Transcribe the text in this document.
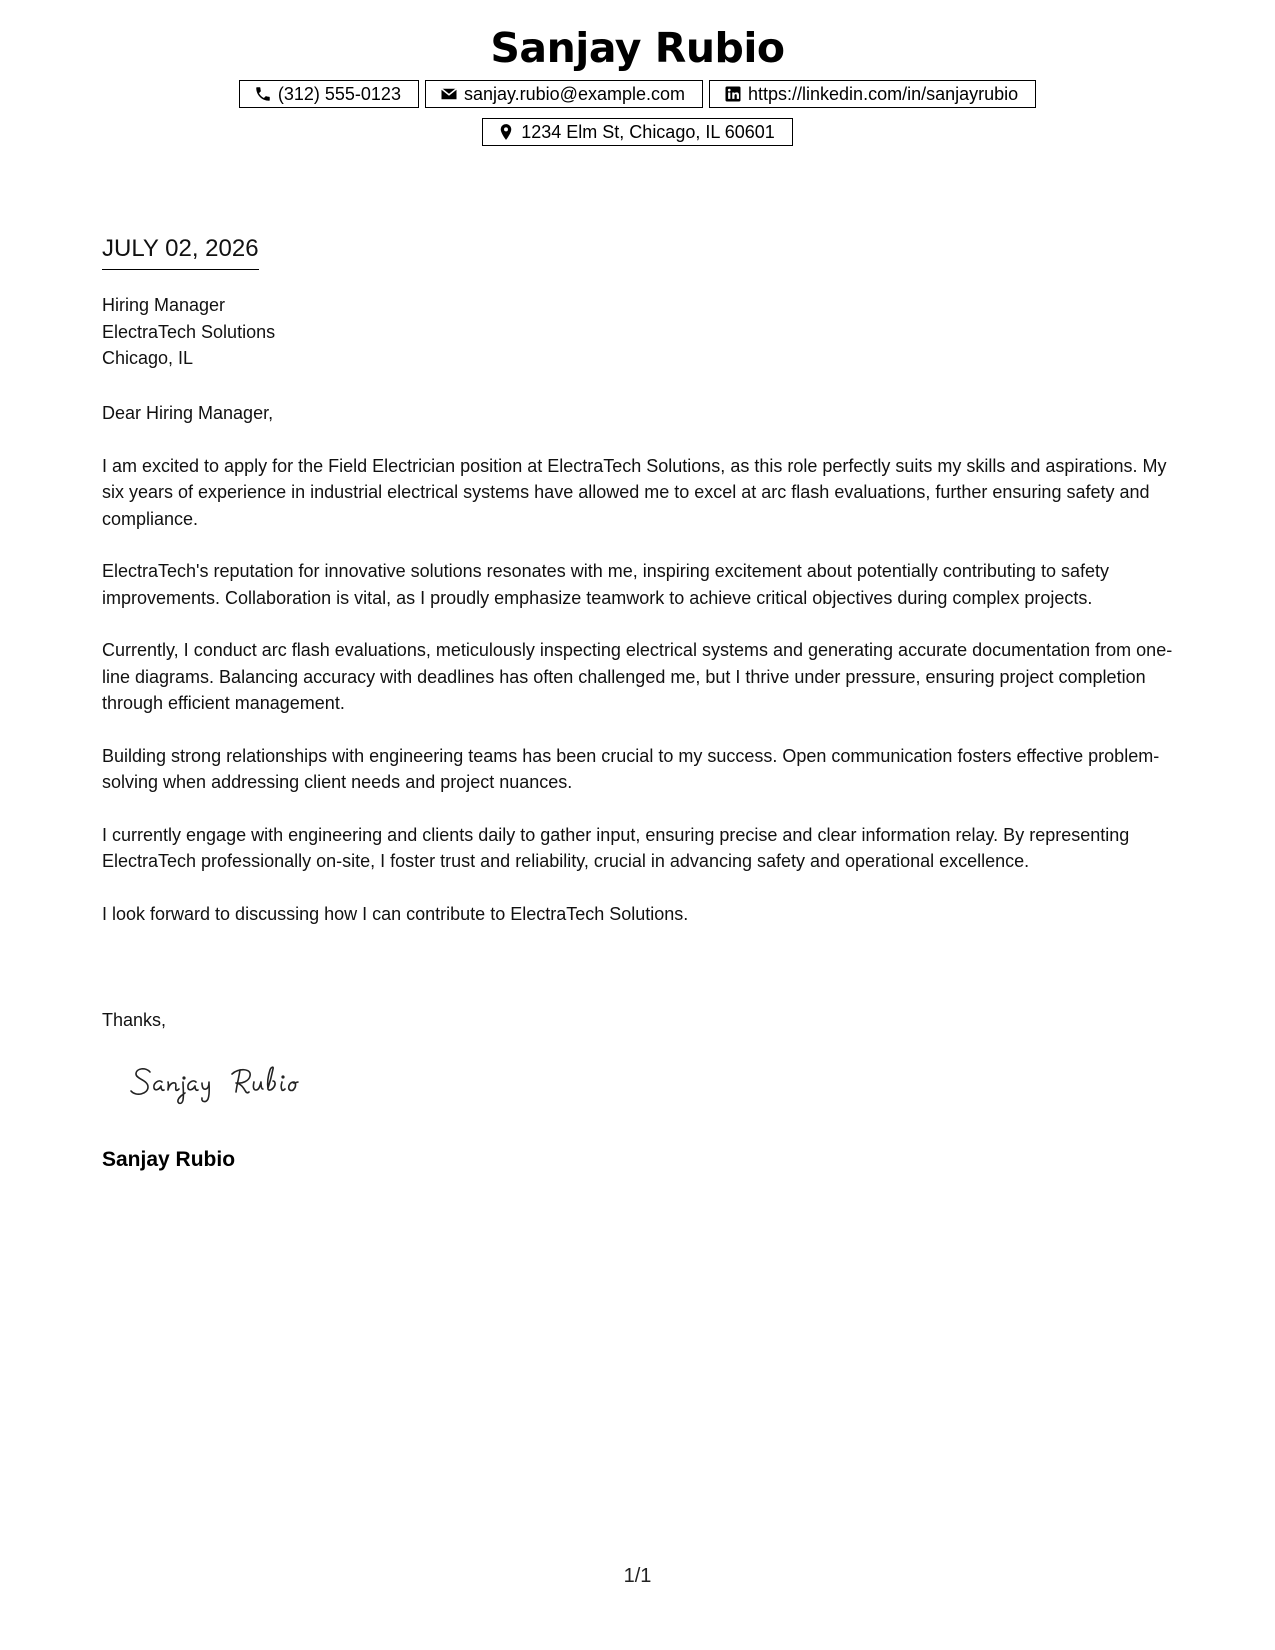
Sanjay Rubio
(312) 555-0123	sanjay.rubio@example.com	https://linkedin.com/in/sanjayrubio
1234 Elm St, Chicago, IL 60601
JULY 02, 2026
Hiring Manager
ElectraTech Solutions
Chicago, IL

Dear Hiring Manager,

I am excited to apply for the Field Electrician position at ElectraTech Solutions, as this role perfectly suits my skills and aspirations. My six years of experience in industrial electrical systems have allowed me to excel at arc flash evaluations, further ensuring safety and compliance.

ElectraTech's reputation for innovative solutions resonates with me, inspiring excitement about potentially contributing to safety improvements. Collaboration is vital, as I proudly emphasize teamwork to achieve critical objectives during complex projects.

Currently, I conduct arc flash evaluations, meticulously inspecting electrical systems and generating accurate documentation from one-line diagrams. Balancing accuracy with deadlines has often challenged me, but I thrive under pressure, ensuring project completion through efficient management.

Building strong relationships with engineering teams has been crucial to my success. Open communication fosters effective problem-solving when addressing client needs and project nuances.

I currently engage with engineering and clients daily to gather input, ensuring precise and clear information relay. By representing ElectraTech professionally on-site, I foster trust and reliability, crucial in advancing safety and operational excellence.

I look forward to discussing how I can contribute to ElectraTech Solutions.

Thanks,
Sanjay Rubio
1/1
